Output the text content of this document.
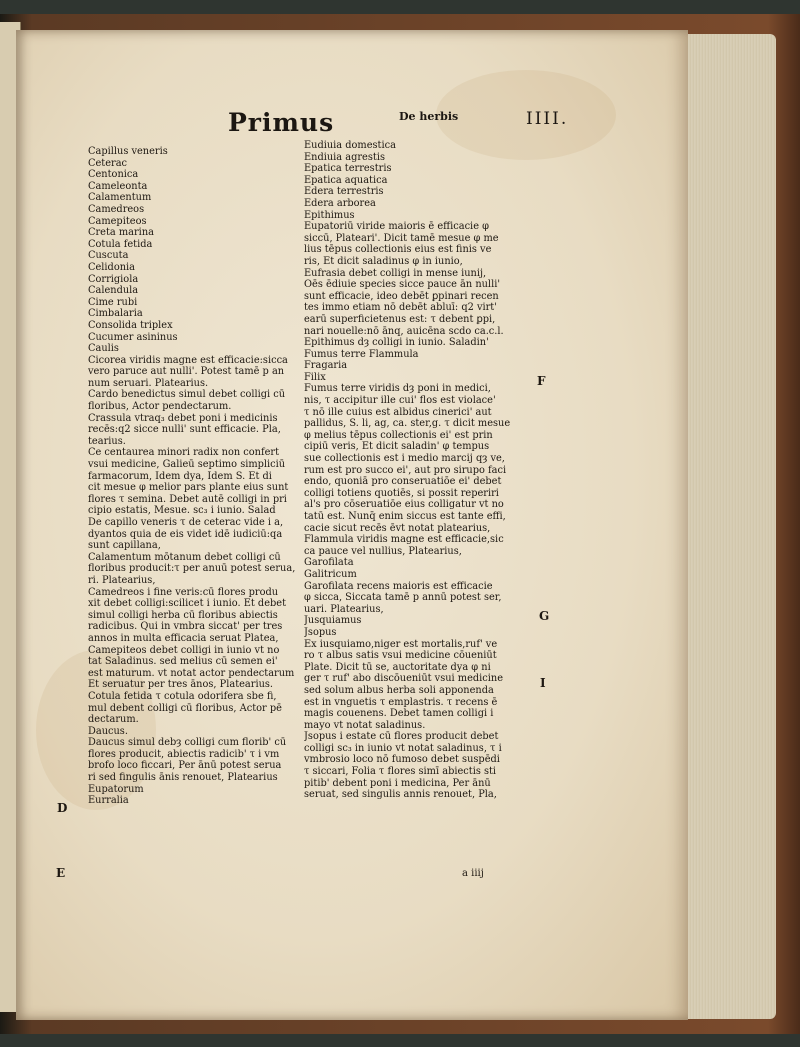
Primus	De herbis	IIII.
Capillus veneris
Ceterac
Centonica
Cameleonta
Calamentum
Camedreos
Camepiteos
Creta marina
Cotula fetida
Cuscuta
Celidonia
Corrigiola
Calendula
Cime rubi
Cimbalaria
Consolida triplex
Cucumer asininus
Caulis
Cicorea viridis magne est efficacie:sicca
vero paruce aut nulli'. Potest tamē p an
num seruari. Platearius.
Cardo benedictus simul debet colligi cū
floribus, Actor pendectarum.
Crassula vtraq₃ debet poni i medicinis
recēs:q2 sicce nulli' sunt efficacie. Pla,
tearius.
Ce centaurea minori radix non confert
vsui medicine, Galieū septimo simpliciū
farmacorum, Idem dya, Idem S. Et di
cit mesue φ melior pars plante eius sunt
flores τ semina. Debet autē colligi in pri
cipio estatis, Mesue. sc₃ i iunio. Salad
De capillo veneris τ de ceterac vide i a,
dyantos quia de eis videt idē iudiciū:qa
sunt capillana,
Calamentum mōtanum debet colligi cū
floribus producit:τ per anuū potest serua,
ri. Platearius,
Camedreos i fine veris:cū flores produ
xit debet colligi:scilicet i iunio. Et debet
simul colligi herba cū floribus abiectis
radicibus. Qui in vmbra siccat' per tres
annos in multa efficacia seruat Platea,
Camepiteos debet colligi in iunio vt no
tat Saladinus. sed melius cū semen ei'
est maturum. vt notat actor pendectarum
Et seruatur per tres ānos, Platearius.
Cotula fetida τ cotula odorifera sbe fi,
mul debent colligi cū floribus, Actor pē
dectarum.
Daucus.
Daucus simul debȝ colligi cum florib' cū
flores producit, abiectis radicib' τ i vm
brofo loco ficcari, Per ānū potest serua
ri sed fingulis ānis renouet, Platearius
Eupatorum
Eurralia
Eudiuia domestica
Endiuia agrestis
Epatica terrestris
Epatica aquatica
Edera terrestris
Edera arborea
Epithimus
Eupatoriū viride maioris ē efficacie φ
siccū, Plateari'. Dicit tamē mesue φ me
lius tēpus collectionis eius est finis ve
ris, Et dicit saladinus φ in iunio,
Eufrasia debet colligi in mense iunij,
Oēs ēdiuie species sicce pauce ān nulli'
sunt efficacie, ideo debēt ꝑpinari recen
tes immo etiam nō debēt abluī: q2 virt'
earū superficietenus est: τ debent ꝑpi,
nari nouelle:nō ānq, auicēna scdo ca.c.l.
Epithimus dȝ colligi in iunio. Saladin'
Fumus terre Flammula
Fragaria
Filix
Fumus terre viridis dȝ poni in medici,
nis, τ accipitur ille cui' flos est violace'
τ nō ille cuius est albidus cinerici' aut
pallidus, S. li, ag, ca. ster,g. τ dicit mesue
φ melius tēpus collectionis ei' est prin
cipiū veris, Et dicit saladin' φ tempus
sue collectionis est i medio marcij qȝ ve,
rum est pro succo ei', aut pro sirupo faci
endo, quoniā pro conseruatiōe ei' debet
colligi totiens quotiēs, si possit reperiri
al's pro cōseruatiōe eius colligatur vt no
tatū est. Nunq̄ enim siccus est tante effi,
cacie sicut recēs ēvt notat platearius,
Flammula viridis magne est efficacie,sic
ca pauce vel nullius, Platearius,
Garofilata
Galitricum
Garofilata recens maioris est efficacie
φ sicca, Siccata tamē p annū potest ser,
uari. Platearius,
Jusquiamus
Jsopus
Ex iusquiamo,niger est mortalis,ruf' ve
ro τ albus satis vsui medicine cōueniūt
Plate. Dicit tū se, auctoritate dya φ ni
ger τ ruf' abo discōueniūt vsui medicine
sed solum albus herba soli apponenda
est in vnguetis τ emplastris. τ recens ē
magis couenens. Debet tamen colligi i
mayo vt notat saladinus.
Jsopus i estate cū flores producit debet
colligi sc₃ in iunio vt notat saladinus, τ i
vmbrosio loco nō fumoso debet suspēdi
τ siccari, Folia τ flores simī abiectis sti
pitib' debent poni i medicina, Per ānū
seruat̄, sed singulis annis renouet, Pla,
D
E
F
G
I
a iiij
